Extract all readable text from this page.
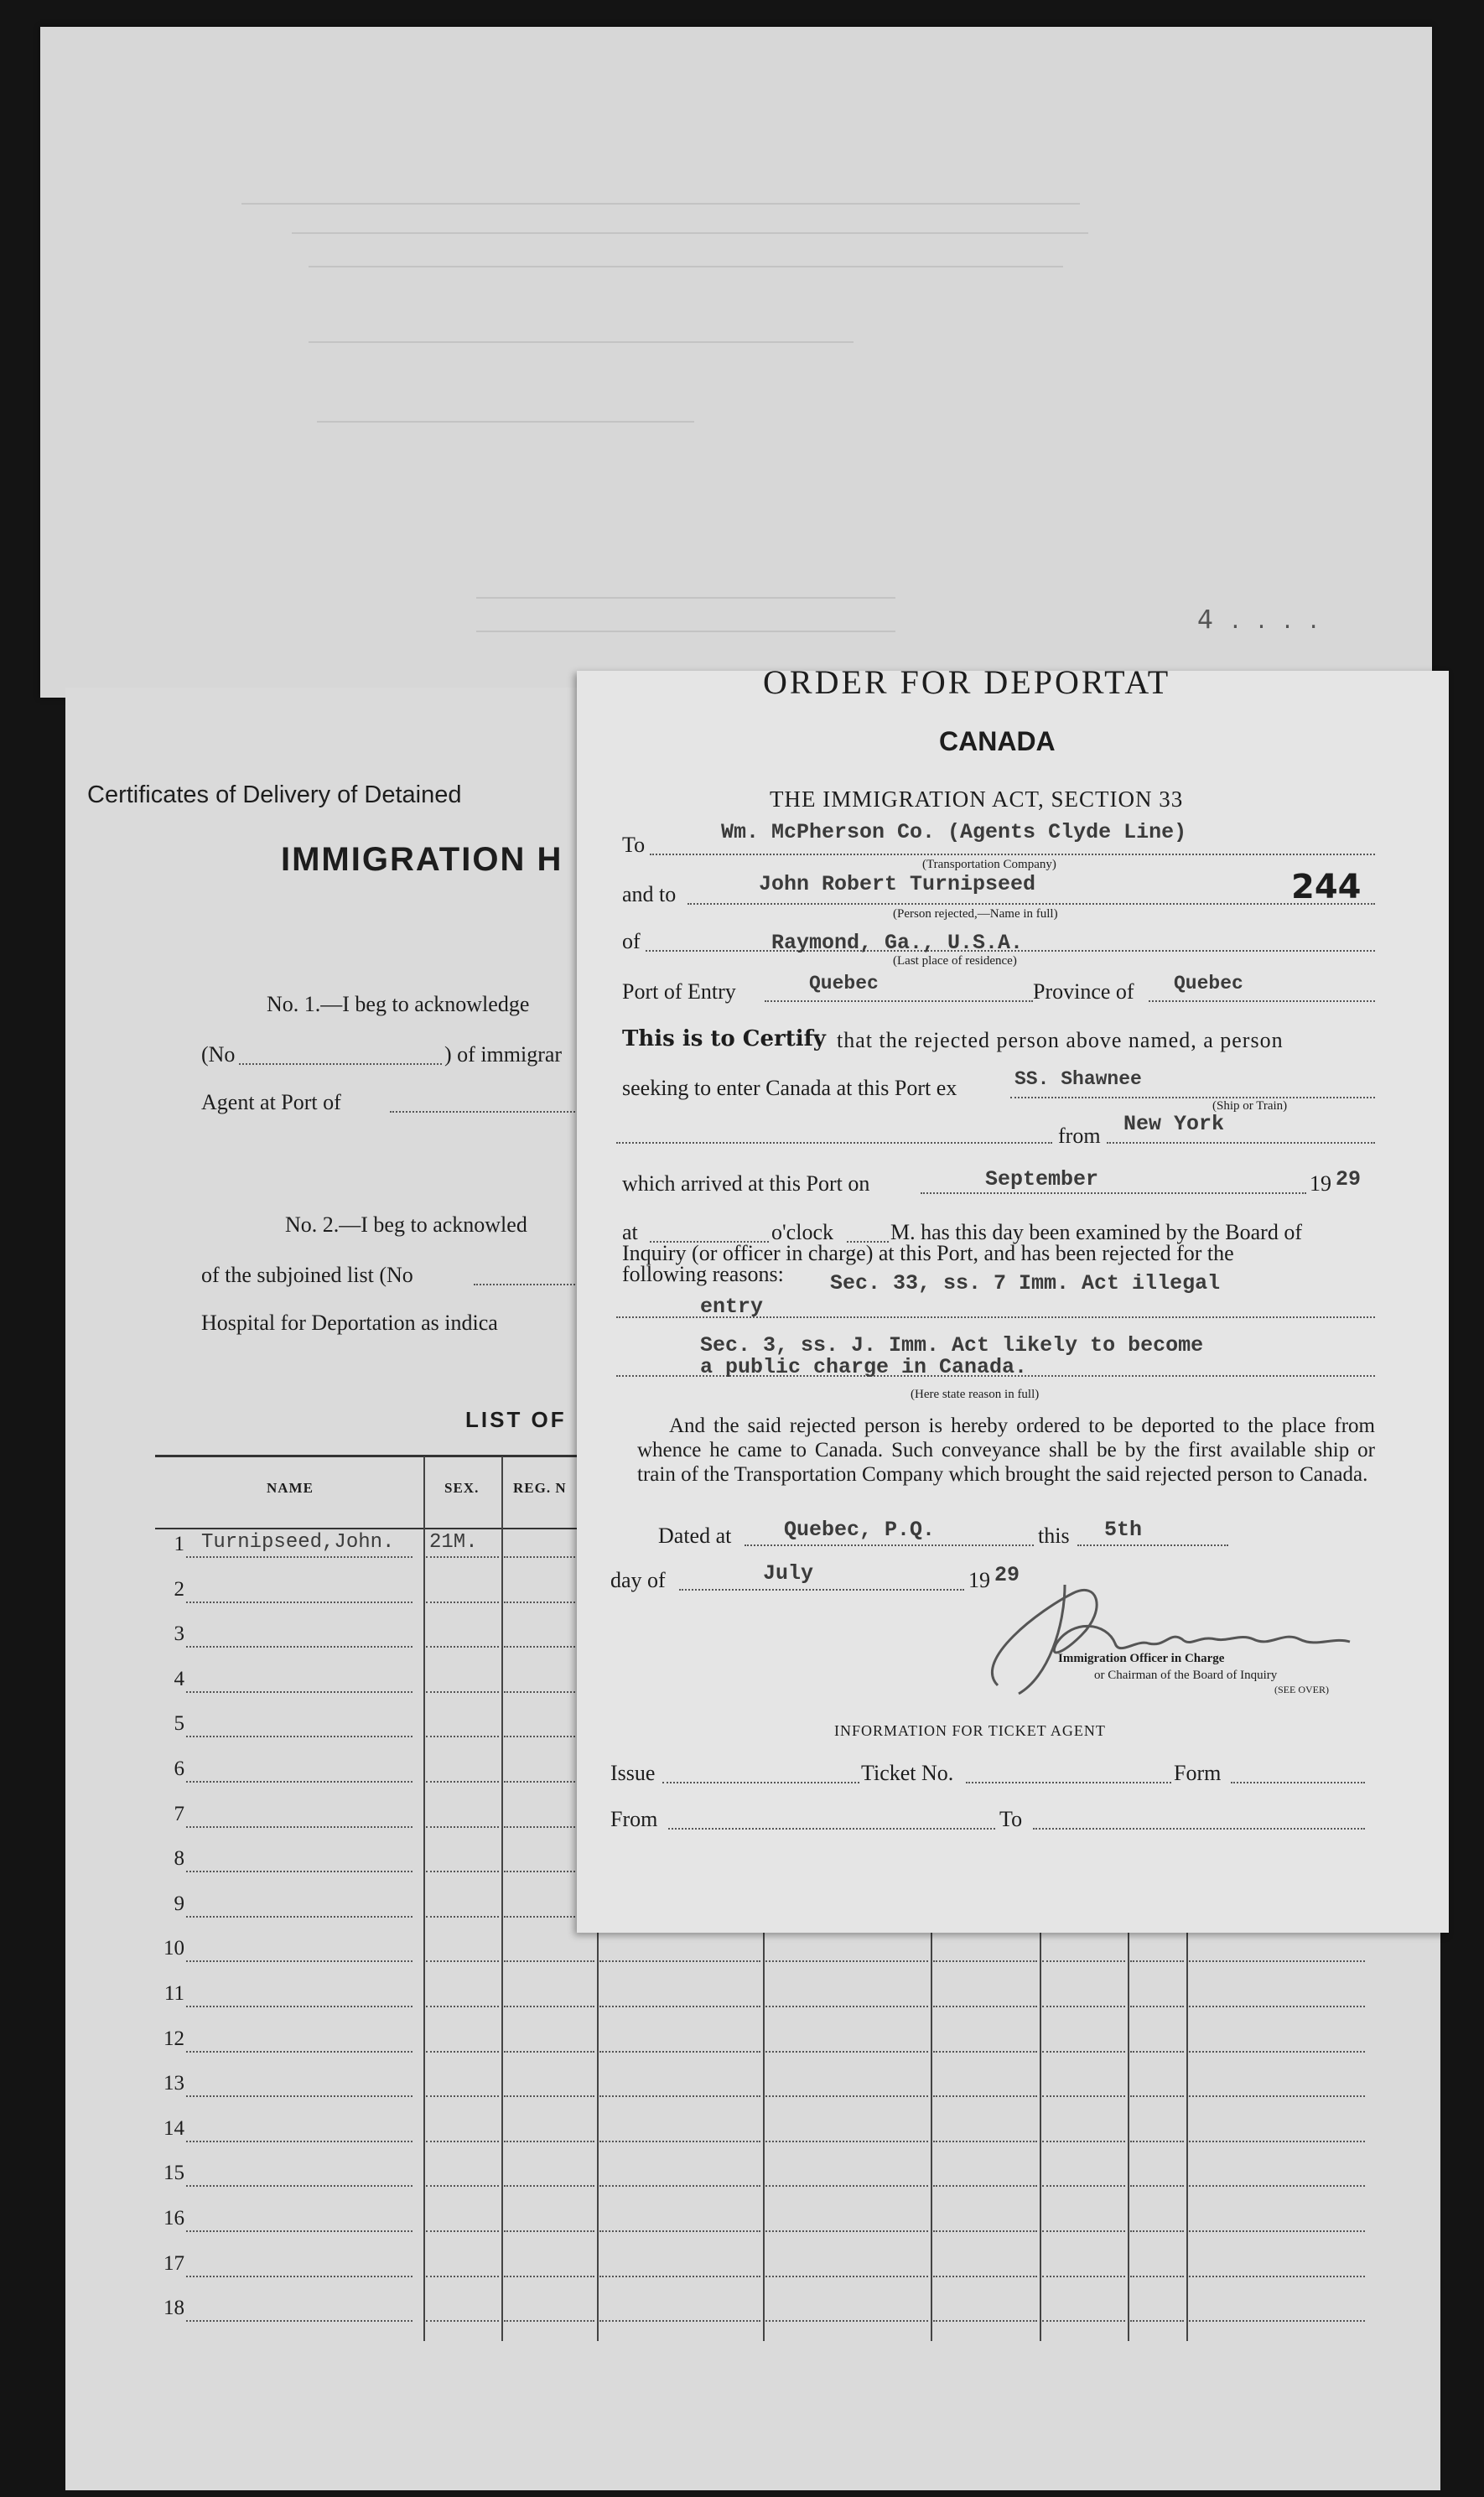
4 . . . .
Certificates of Delivery of Detained
IMMIGRATION H
No. 1.—I beg to acknowledge
(No	) of immigrar
Agent at Port of
No. 2.—I beg to acknowled
of the subjoined list (No
Hospital for Deportation as indica
LIST OF
NAME	SEX. REG. N
1 Turnipseed,John. 21M.
2
3
4
5
6
7
8
9
10
11
12
13
14
15
16
17
18
ORDER FOR DEPORTAT
CANADA
THE IMMIGRATION ACT, SECTION 33
To
Wm. McPherson Co. (Agents Clyde Line)
(Transportation Company)
and to	John Robert Turnipseed	244
(Person rejected,—Name in full)
of	Raymond, Ga., U.S.A.
(Last place of residence)
Port of Entry	Quebec	Province of Quebec
This is to Certify that the rejected person above named, a person
seeking to enter Canada at this Port ex	SS. Shawnee
(Ship or Train)
from New York
which arrived at this Port on	September	19 29
at	o'clock	M. has this day been examined by the Board of
Inquiry (or officer in charge) at this Port, and has been rejected for the
following reasons: Sec. 33, ss. 7 Imm. Act illegal
entry
Sec. 3, ss. J. Imm. Act likely to become
a public charge in Canada.
(Here state reason in full)
And the said rejected person is hereby ordered to be deported to the place from whence he came to Canada. Such conveyance shall be by the first available ship or train of the Transportation Company which brought the said rejected person to Canada.
Dated at	Quebec, P.Q.	this 5th
day of	July	19 29
Immigration Officer in Charge
or Chairman of the Board of Inquiry
(SEE OVER)
INFORMATION FOR TICKET AGENT
Issue	Ticket No.	Form
From	To
